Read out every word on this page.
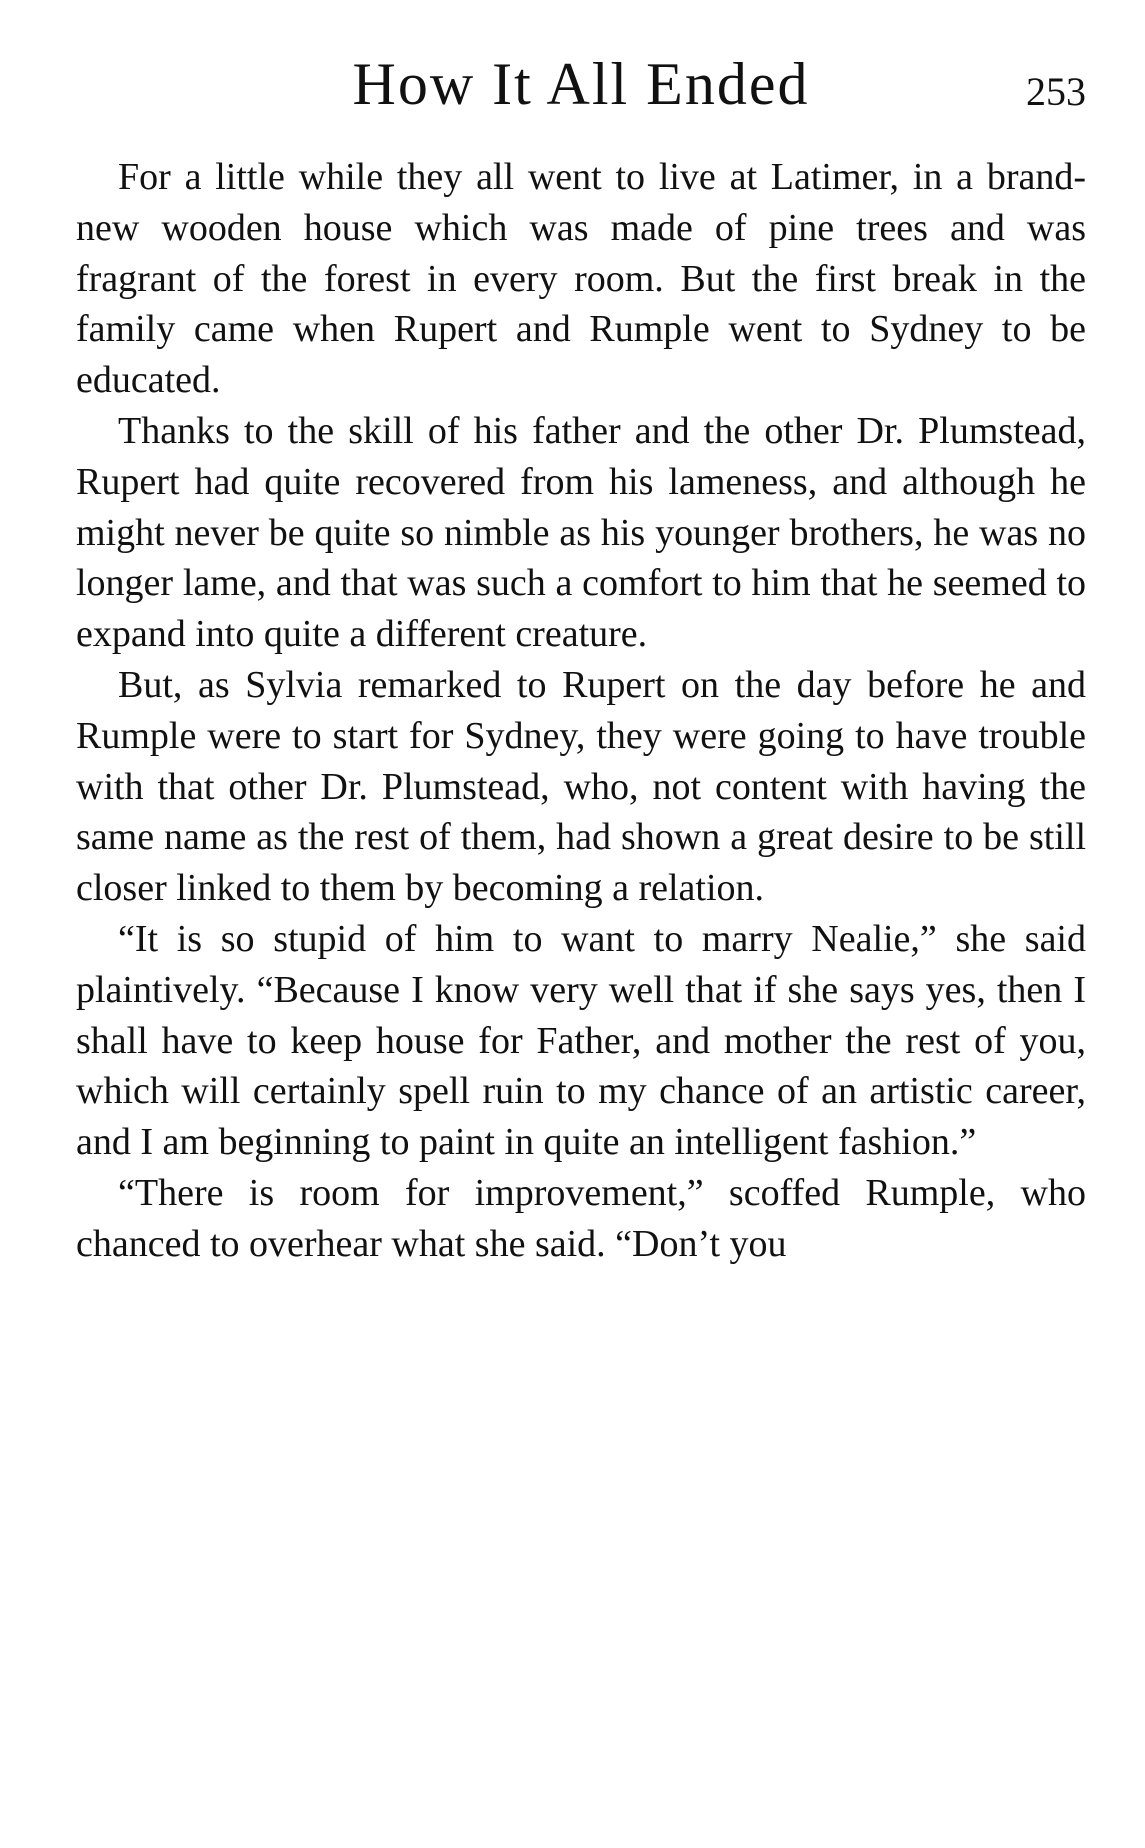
How It All Ended	253

For a little while they all went to live at Latimer, in a brand-new wooden house which was made of pine trees and was fragrant of the forest in every room. But the first break in the family came when Rupert and Rumple went to Sydney to be educated.

Thanks to the skill of his father and the other Dr. Plumstead, Rupert had quite recovered from his lameness, and although he might never be quite so nimble as his younger brothers, he was no longer lame, and that was such a comfort to him that he seemed to expand into quite a different creature.

But, as Sylvia remarked to Rupert on the day before he and Rumple were to start for Sydney, they were going to have trouble with that other Dr. Plumstead, who, not content with having the same name as the rest of them, had shown a great desire to be still closer linked to them by becoming a relation.

“It is so stupid of him to want to marry Nealie,” she said plaintively. “Because I know very well that if she says yes, then I shall have to keep house for Father, and mother the rest of you, which will certainly spell ruin to my chance of an artistic career, and I am beginning to paint in quite an intelligent fashion.”

“There is room for improvement,” scoffed Rumple, who chanced to overhear what she said. “Don’t you
